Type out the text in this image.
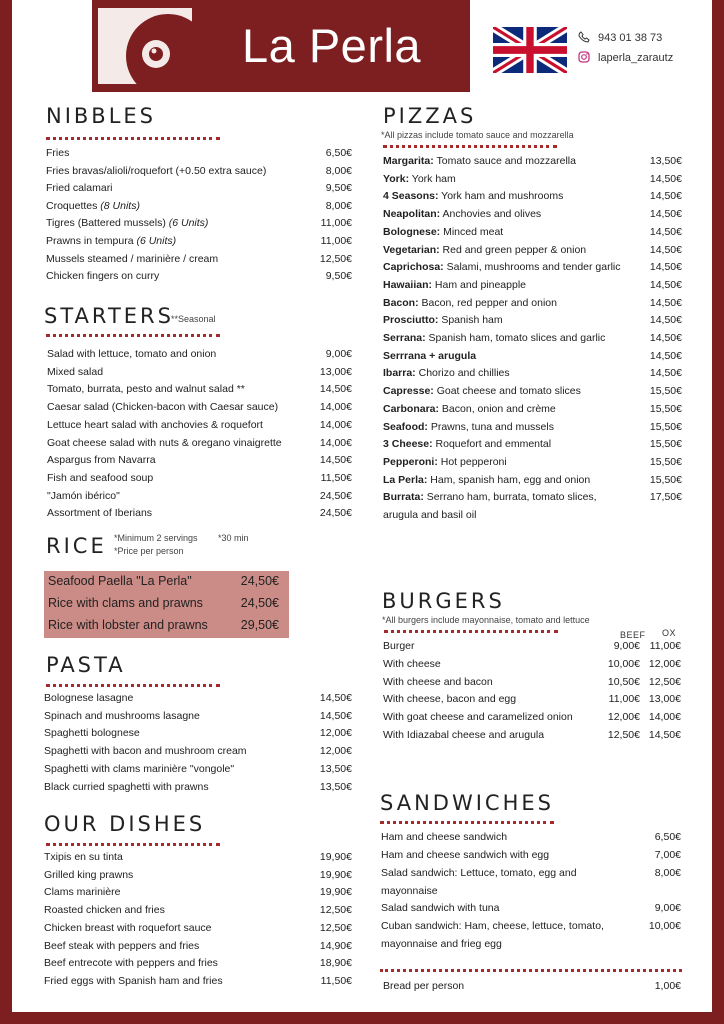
La Perla	943 01 38 73
laperla_zarautz
NIBBLES
Fries	6,50€
Fries bravas/alioli/roquefort (+0.50 extra sauce)	8,00€
Fried calamari	9,50€
Croquettes (8 Units)	8,00€
Tigres (Battered mussels) (6 Units)	11,00€
Prawns in tempura (6 Units)	11,00€
Mussels steamed / marinière / cream	12,50€
Chicken fingers on curry	9,50€
STARTERS
**Seasonal
Salad with lettuce, tomato and onion	9,00€
Mixed salad	13,00€
Tomato, burrata, pesto and walnut salad **	14,50€
Caesar salad (Chicken-bacon with Caesar sauce)	14,00€
Lettuce heart salad with anchovies & roquefort	14,00€
Goat cheese salad with nuts & oregano vinaigrette	14,00€
Aspargus from Navarra	14,50€
Fish and seafood soup	11,50€
"Jamón ibérico"	24,50€
Assortment of Iberians	24,50€
RICE *Minimum 2 servings *30 min
*Price per person
Seafood Paella "La Perla"	24,50€
Rice with clams and prawns	24,50€
Rice with lobster and prawns	29,50€
PASTA
Bolognese lasagne	14,50€
Spinach and mushrooms lasagne	14,50€
Spaghetti bolognese	12,00€
Spaghetti with bacon and mushroom cream	12,00€
Spaghetti with clams marinière "vongole"	13,50€
Black curried spaghetti with prawns	13,50€
OUR DISHES
Txipis en su tinta	19,90€
Grilled king prawns	19,90€
Clams marinière	19,90€
Roasted chicken and fries	12,50€
Chicken breast with roquefort sauce	12,50€
Beef steak with peppers and fries	14,90€
Beef entrecote with peppers and fries	18,90€
Fried eggs with Spanish ham and fries	11,50€
PIZZAS
*All pizzas include tomato sauce and mozzarella
Margarita: Tomato sauce and mozzarella	13,50€
York: York ham	14,50€
4 Seasons: York ham and mushrooms	14,50€
Neapolitan: Anchovies and olives	14,50€
Bolognese: Minced meat	14,50€
Vegetarian: Red and green pepper & onion	14,50€
Caprichosa: Salami, mushrooms and tender garlic	14,50€
Hawaiian: Ham and pineapple	14,50€
Bacon: Bacon, red pepper and onion	14,50€
Prosciutto: Spanish ham	14,50€
Serrana: Spanish ham, tomato slices and garlic	14,50€
Serrrana + arugula	14,50€
Ibarra: Chorizo and chillies	14,50€
Capresse: Goat cheese and tomato slices	15,50€
Carbonara: Bacon, onion and crème	15,50€
Seafood: Prawns, tuna and mussels	15,50€
3 Cheese: Roquefort and emmental	15,50€
Pepperoni: Hot pepperoni	15,50€
La Perla: Ham, spanish ham, egg and onion	15,50€
Burrata: Serrano ham, burrata, tomato slices,	17,50€
arugula and basil oil
BURGERS
*All burgers include mayonnaise, tomato and lettuce
BEEF OX
Burger	9,00€ 11,00€
With cheese	10,00€ 12,00€
With cheese and bacon	10,50€ 12,50€
With cheese, bacon and egg	11,00€ 13,00€
With goat cheese and caramelized onion	12,00€ 14,00€
With Idiazabal cheese and arugula	12,50€ 14,50€
SANDWICHES
Ham and cheese sandwich	6,50€
Ham and cheese sandwich with egg	7,00€
Salad sandwich: Lettuce, tomato, egg and	8,00€
mayonnaise
Salad sandwich with tuna	9,00€
Cuban sandwich: Ham, cheese, lettuce, tomato,	10,00€
mayonnaise and frieg egg
Bread per person	1,00€
